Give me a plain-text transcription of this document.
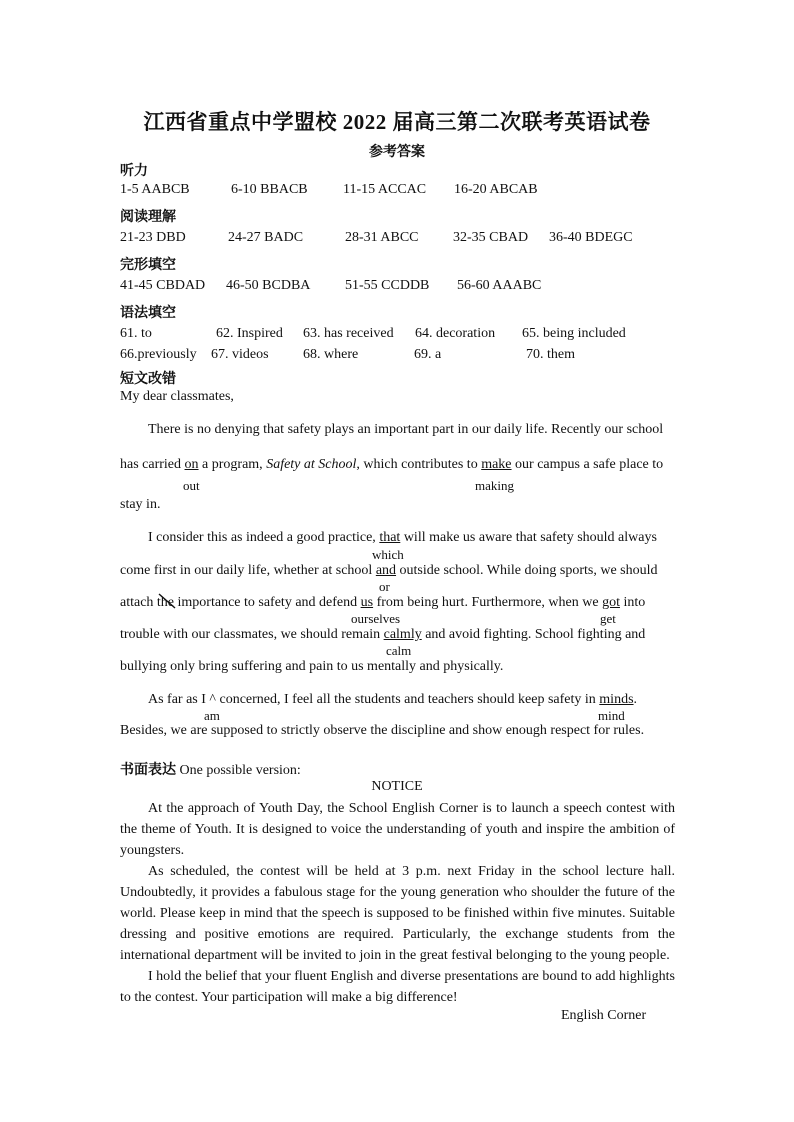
江西省重点中学盟校 2022 届高三第二次联考英语试卷
参考答案
听力
1-5 AABCB	6-10 BBACB	11-15 ACCAC 16-20 ABCAB
阅读理解
21-23 DBD	24-27 BADC	28-31 ABCC 32-35 CBAD 36-40 BDEGC
完形填空
41-45 CBDAD 46-50 BCDBA 51-55 CCDDB 56-60 AAABC
语法填空
61. to	62. Inspired 63. has received 64. decoration 65. being included
66.previously 67. videos 68. where	69. a	70. them
短文改错
My dear classmates,
There is no denying that safety plays an important part in our daily life. Recently our school
has carried on a program, Safety at School, which contributes to make our campus a safe place to
out	making
stay in.
I consider this as indeed a good practice, that will make us aware that safety should always
which
come first in our daily life, whether at school and outside school. While doing sports, we should
or
attach the importance to safety and defend us from being hurt. Furthermore, when we got into
ourselves	get
trouble with our classmates, we should remain calmly and avoid fighting. School fighting and
calm
bullying only bring suffering and pain to us mentally and physically.
As far as I ^ concerned, I feel all the students and teachers should keep safety in minds.
am	mind
Besides, we are supposed to strictly observe the discipline and show enough respect for rules.
书面表达 One possible version:
NOTICE

At the approach of Youth Day, the School English Corner is to launch a speech contest with the theme of Youth. It is designed to voice the understanding of youth and inspire the ambition of youngsters.

As scheduled, the contest will be held at 3 p.m. next Friday in the school lecture hall. Undoubtedly, it provides a fabulous stage for the young generation who shoulder the future of the world. Please keep in mind that the speech is supposed to be finished within five minutes. Suitable dressing and positive emotions are required. Particularly, the exchange students from the international department will be invited to join in the great festival belonging to the young people.

I hold the belief that your fluent English and diverse presentations are bound to add highlights to the contest. Your participation will make a big difference!

English Corner
